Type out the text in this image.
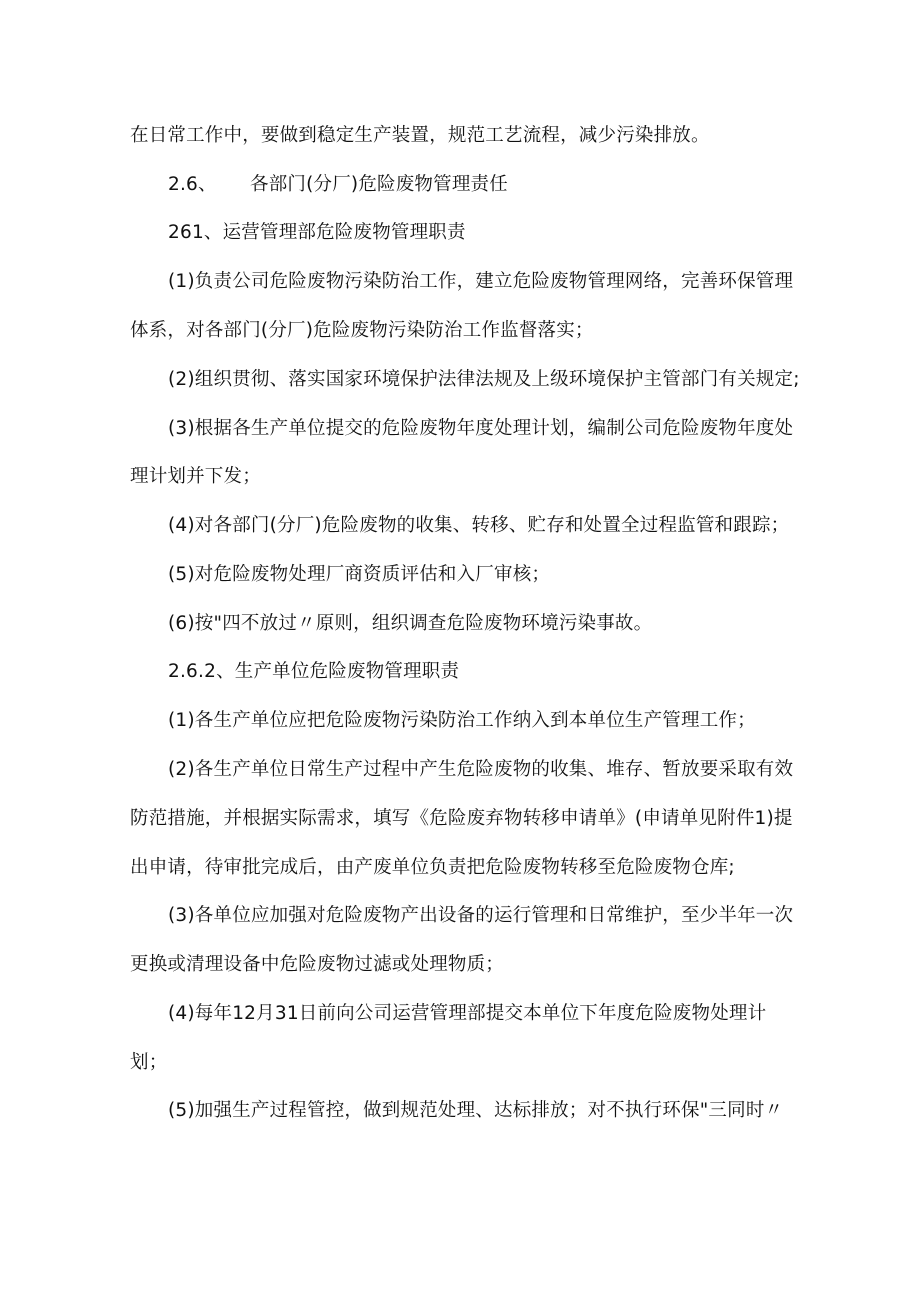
在日常工作中，要做到稳定生产装置，规范工艺流程，减少污染排放。

2.6、 各部门(分厂)危险废物管理责任

261、运营管理部危险废物管理职责

(1)负责公司危险废物污染防治工作，建立危险废物管理网络，完善环保管理

体系，对各部门(分厂)危险废物污染防治工作监督落实；

(2)组织贯彻、落实国家环境保护法律法规及上级环境保护主管部门有关规定;

(3)根据各生产单位提交的危险废物年度处理计划，编制公司危险废物年度处

理计划并下发；

(4)对各部门(分厂)危险废物的收集、转移、贮存和处置全过程监管和跟踪；

(5)对危险废物处理厂商资质评估和入厂审核；

(6)按"四不放过〃原则，组织调查危险废物环境污染事故。

2.6.2、生产单位危险废物管理职责

(1)各生产单位应把危险废物污染防治工作纳入到本单位生产管理工作；

(2)各生产单位日常生产过程中产生危险废物的收集、堆存、暂放要采取有效

防范措施，并根据实际需求，填写《危险废弃物转移申请单》(申请单见附件1)提

出申请，待审批完成后，由产废单位负责把危险废物转移至危险废物仓库;

(3)各单位应加强对危险废物产出设备的运行管理和日常维护，至少半年一次

更换或清理设备中危险废物过滤或处理物质；

(4)每年12月31日前向公司运营管理部提交本单位下年度危险废物处理计

划；

(5)加强生产过程管控，做到规范处理、达标排放；对不执行环保"三同时〃
